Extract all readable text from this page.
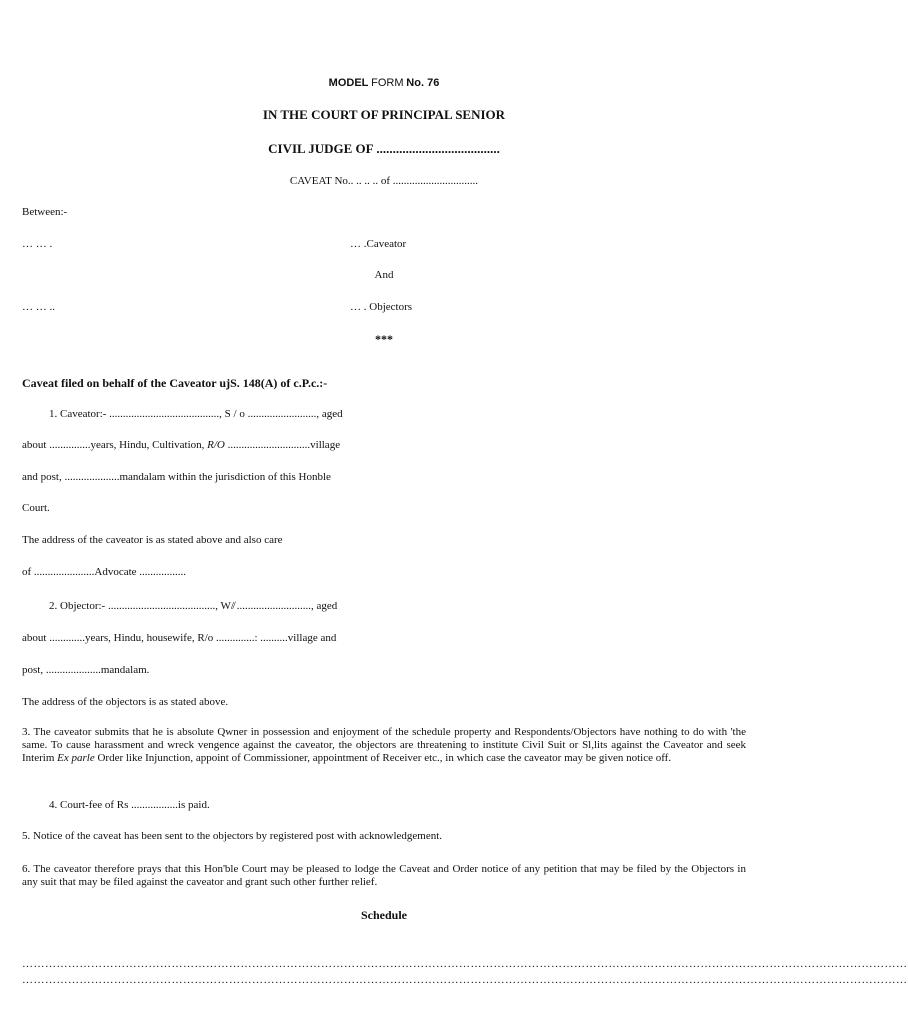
MODEL FORM No. 76
IN THE COURT OF PRINCIPAL SENIOR
CIVIL JUDGE OF ......................................
CAVEAT No.. .. .. .. of ...............................
Between:-
… … .	… .Caveator
And
… … ..	… . Objectors
***
Caveat filed on behalf of the Caveator ujS. 148(A) of c.P.c.:-
1. Caveator:- ........................................, S / o ........................., aged
about ...............years, Hindu, Cultivation, R/O ..............................village
and post, ....................mandalam within the jurisdiction of this Honble
Court.
The address of the caveator is as stated above and also care
of ......................Advocate .................
2. Objector:- ......................................., W/̸ ..........................., aged
about .............years, Hindu, housewife, R/o ..............: ..........village and
post, ....................mandalam.
The address of the objectors is as stated above.
3. The caveator submits that he is absolute Qwner in possession and enjoyment of the schedule property and Respondents/Objectors have nothing to do with 'the same. To cause harassment and wreck vengence against the caveator, the objectors are threatening to institute Civil Suit or Sl,lits against the Caveator and seek Interim Ex parle Order like Injunction, appoint of Commissioner, appointment of Receiver etc., in which case the caveator may be given notice off.
4. Court-fee of Rs .................is paid.
5. Notice of the caveat has been sent to the objectors by registered post with acknowledgement.
6. The caveator therefore prays that this Hon'ble Court may be pleased to lodge the Caveat and Order notice of any petition that may be filed by the Objectors in any suit that may be filed against the caveator and grant such other further relief.
Schedule
……………………………………………………………………………………………………………………………………………………………………………………………………………
……………………………………………………………………………………………………………………………………………………………………………………………………………
